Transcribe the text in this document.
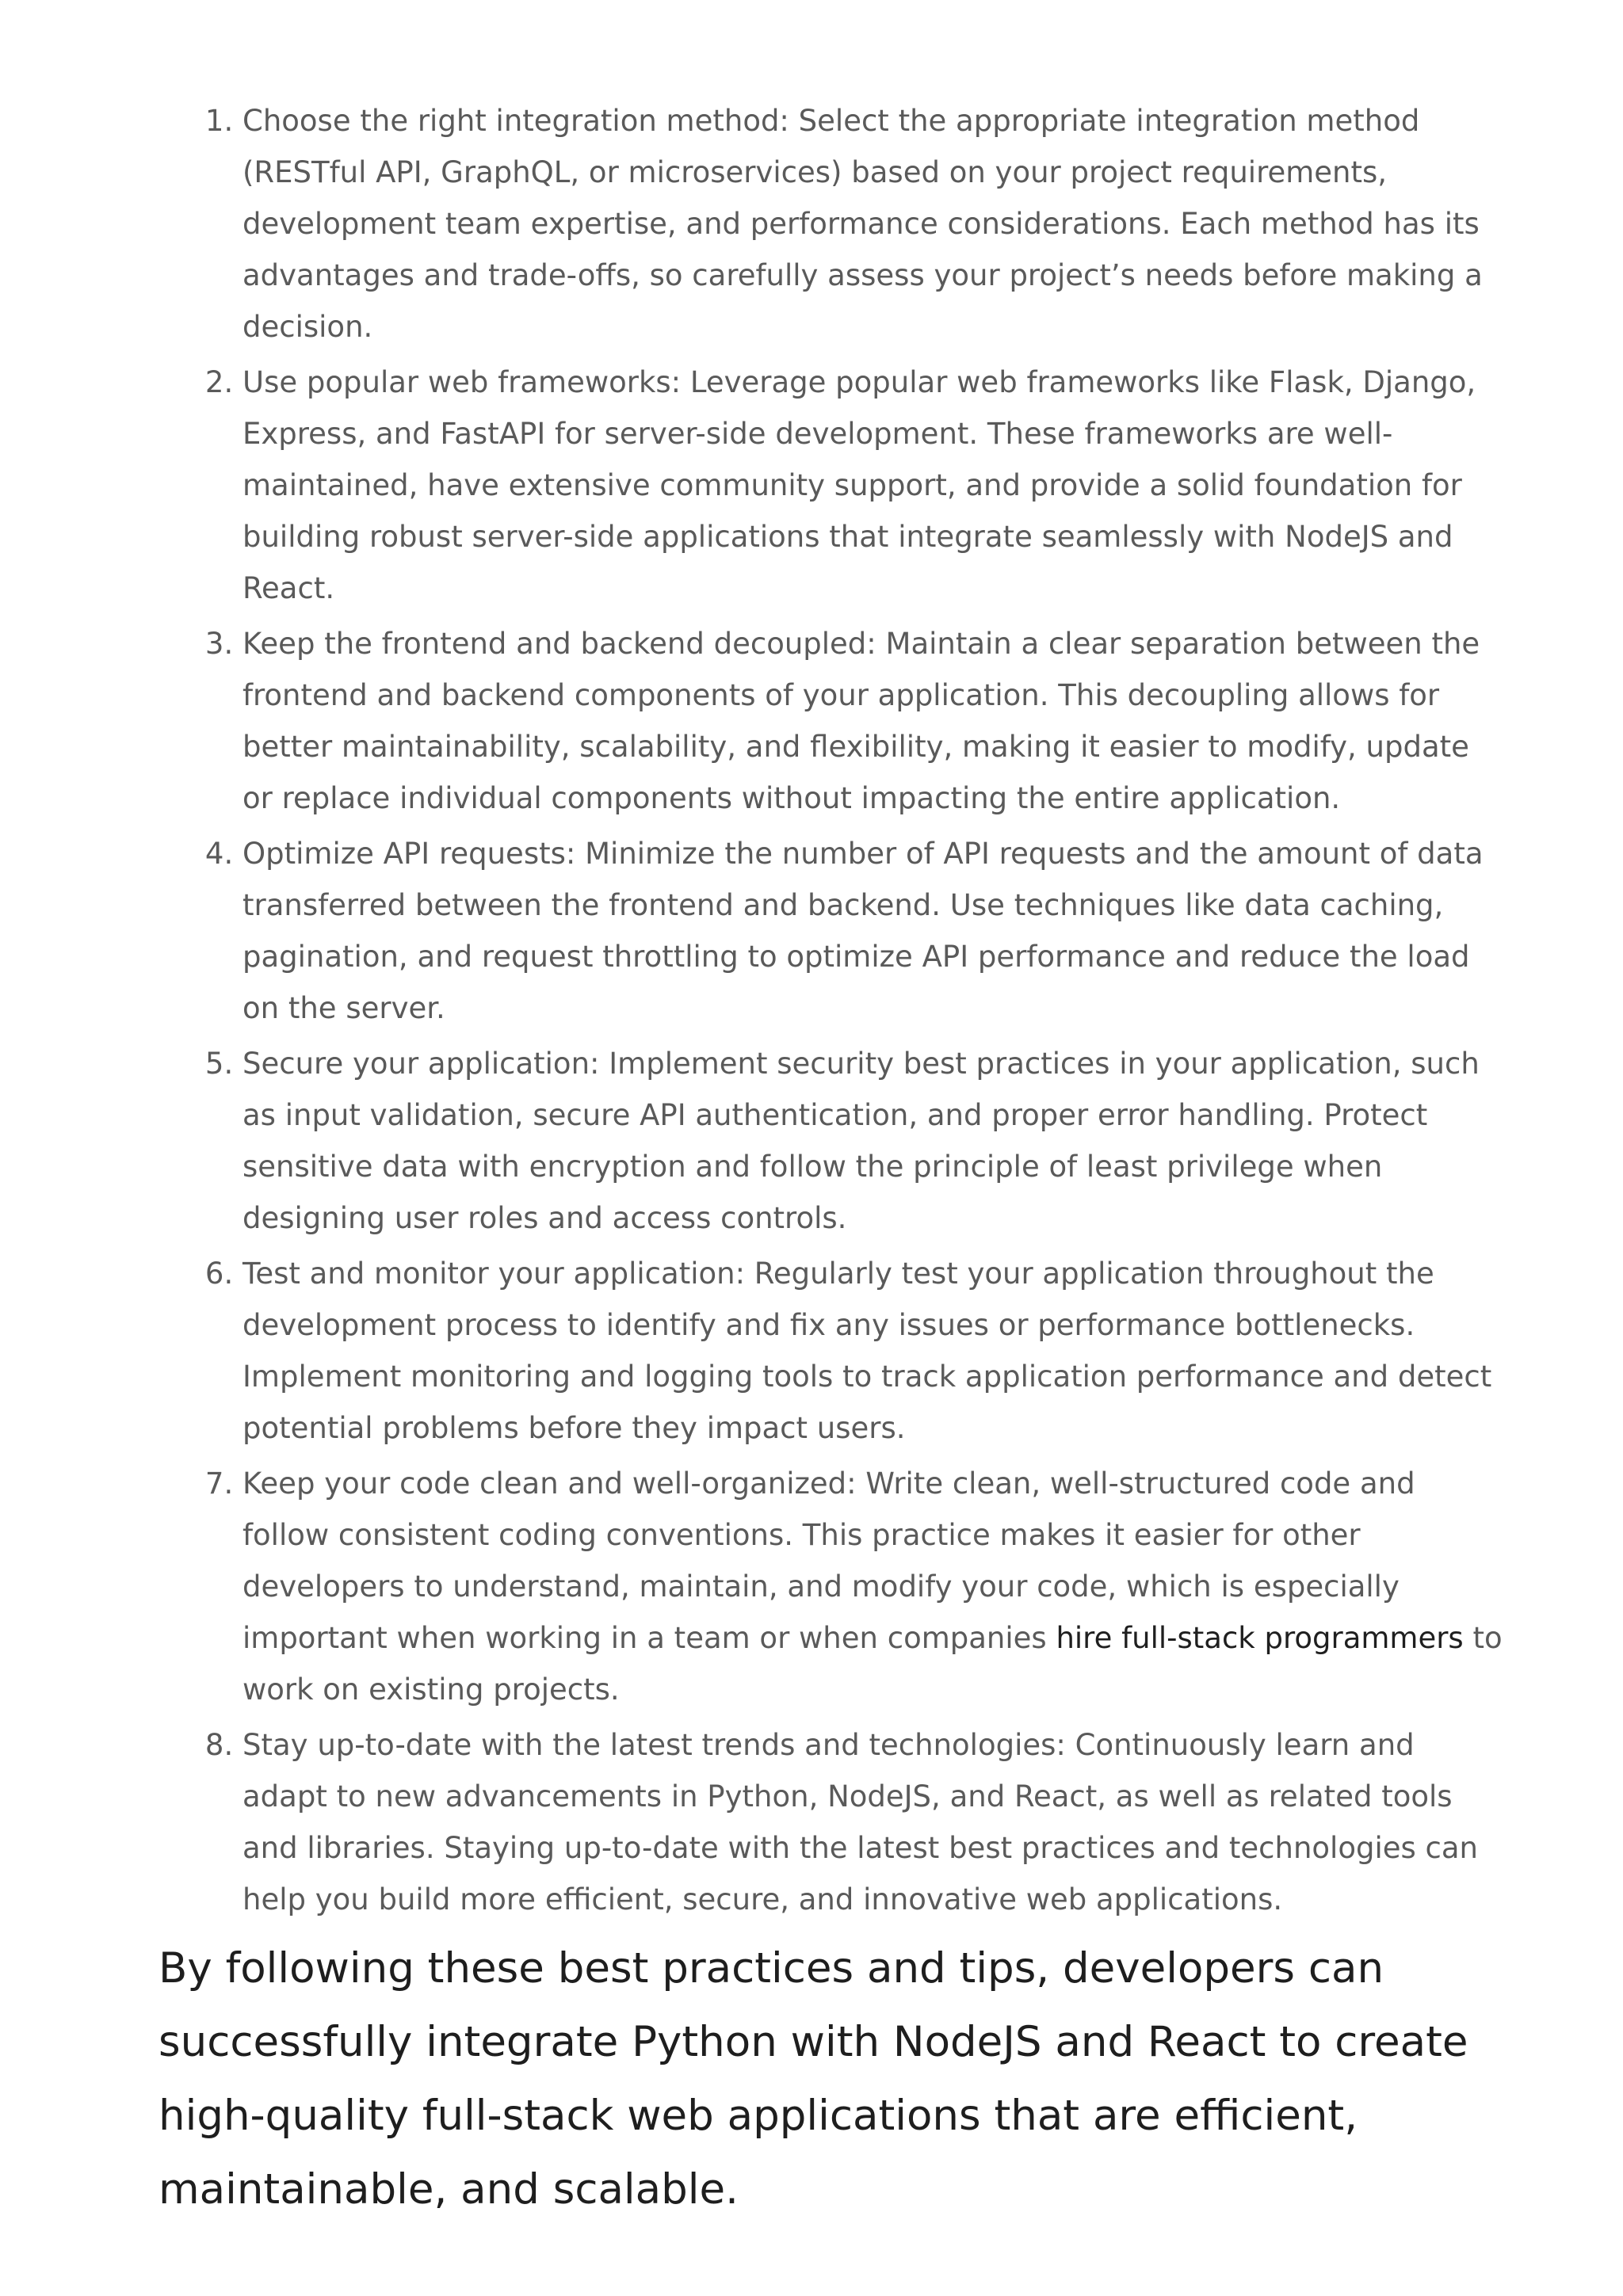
1. Choose the right integration method: Select the appropriate integration method (RESTful API, GraphQL, or microservices) based on your project requirements, development team expertise, and performance considerations. Each method has its advantages and trade-offs, so carefully assess your project’s needs before making a decision.
2. Use popular web frameworks: Leverage popular web frameworks like Flask, Django, Express, and FastAPI for server-side development. These frameworks are well-maintained, have extensive community support, and provide a solid foundation for building robust server-side applications that integrate seamlessly with NodeJS and React.
3. Keep the frontend and backend decoupled: Maintain a clear separation between the frontend and backend components of your application. This decoupling allows for better maintainability, scalability, and flexibility, making it easier to modify, update or replace individual components without impacting the entire application.
4. Optimize API requests: Minimize the number of API requests and the amount of data transferred between the frontend and backend. Use techniques like data caching, pagination, and request throttling to optimize API performance and reduce the load on the server.
5. Secure your application: Implement security best practices in your application, such as input validation, secure API authentication, and proper error handling. Protect sensitive data with encryption and follow the principle of least privilege when designing user roles and access controls.
6. Test and monitor your application: Regularly test your application throughout the development process to identify and fix any issues or performance bottlenecks. Implement monitoring and logging tools to track application performance and detect potential problems before they impact users.
7. Keep your code clean and well-organized: Write clean, well-structured code and follow consistent coding conventions. This practice makes it easier for other developers to understand, maintain, and modify your code, which is especially important when working in a team or when companies hire full-stack programmers to work on existing projects.
8. Stay up-to-date with the latest trends and technologies: Continuously learn and adapt to new advancements in Python, NodeJS, and React, as well as related tools and libraries. Staying up-to-date with the latest best practices and technologies can help you build more efficient, secure, and innovative web applications.

By following these best practices and tips, developers can successfully integrate Python with NodeJS and React to create high-quality full-stack web applications that are efficient, maintainable, and scalable.
